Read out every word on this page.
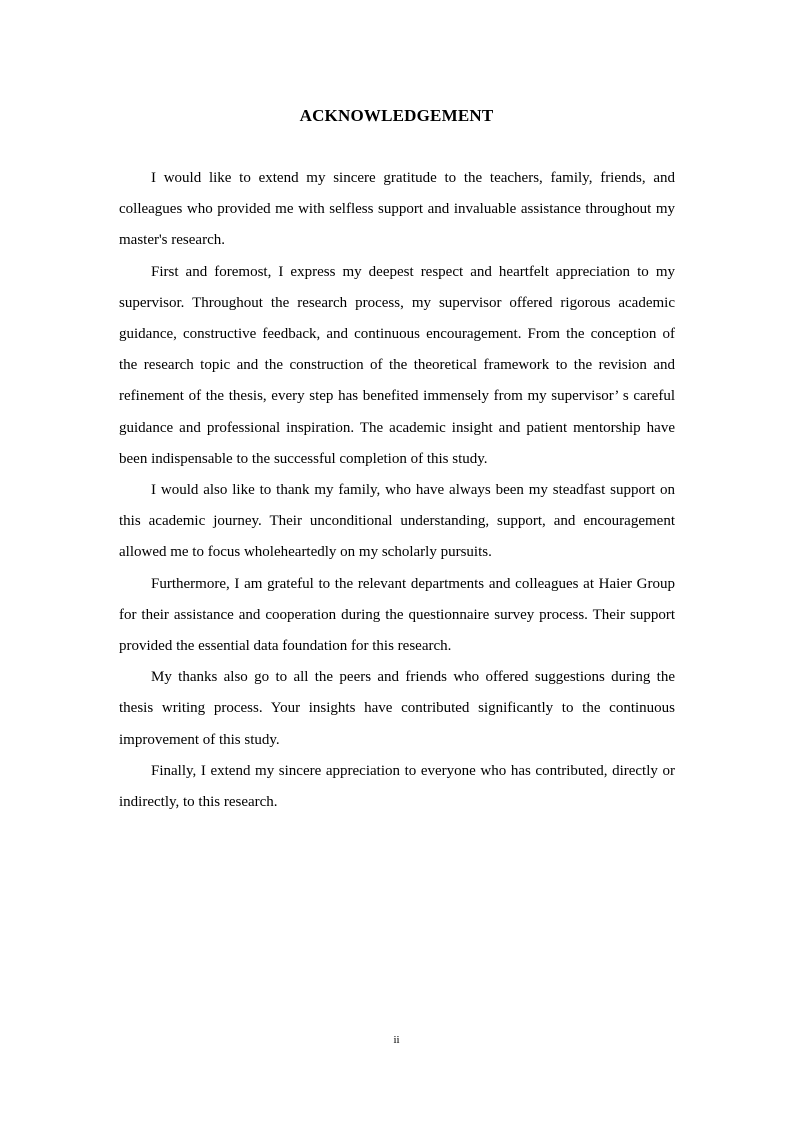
ACKNOWLEDGEMENT

I would like to extend my sincere gratitude to the teachers, family, friends, and colleagues who provided me with selfless support and invaluable assistance throughout my master's research.

First and foremost, I express my deepest respect and heartfelt appreciation to my supervisor. Throughout the research process, my supervisor offered rigorous academic guidance, constructive feedback, and continuous encouragement. From the conception of the research topic and the construction of the theoretical framework to the revision and refinement of the thesis, every step has benefited immensely from my supervisor’ s careful guidance and professional inspiration. The academic insight and patient mentorship have been indispensable to the successful completion of this study.

I would also like to thank my family, who have always been my steadfast support on this academic journey. Their unconditional understanding, support, and encouragement allowed me to focus wholeheartedly on my scholarly pursuits.

Furthermore, I am grateful to the relevant departments and colleagues at Haier Group for their assistance and cooperation during the questionnaire survey process. Their support provided the essential data foundation for this research.

My thanks also go to all the peers and friends who offered suggestions during the thesis writing process. Your insights have contributed significantly to the continuous improvement of this study.

Finally, I extend my sincere appreciation to everyone who has contributed, directly or indirectly, to this research.

ii
